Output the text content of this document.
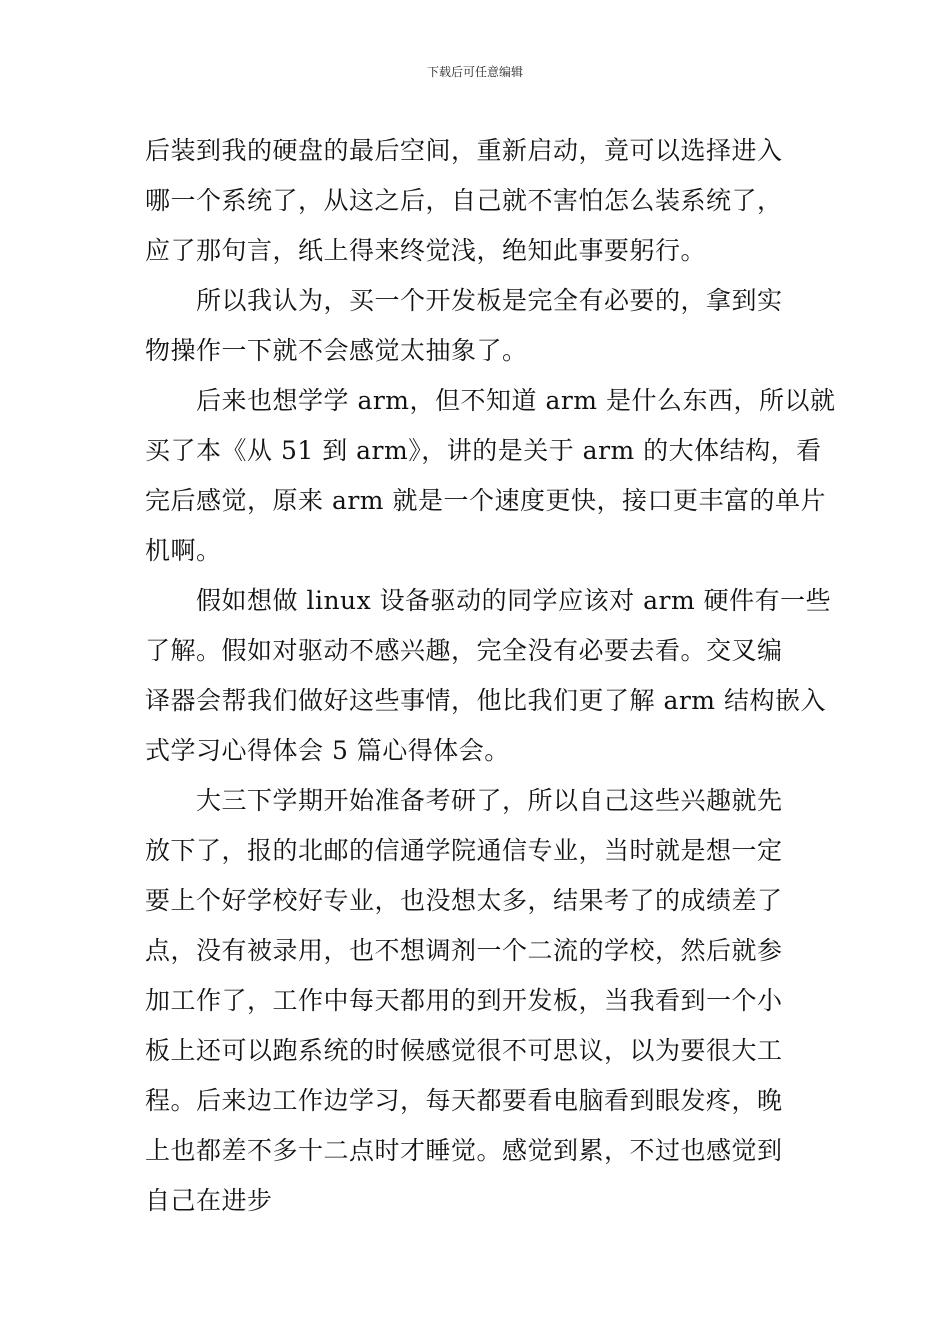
下载后可任意编辑
后装到我的硬盘的最后空间，重新启动，竟可以选择进入
哪一个系统了，从这之后，自己就不害怕怎么装系统了，
应了那句言，纸上得来终觉浅，绝知此事要躬行。
所以我认为，买一个开发板是完全有必要的，拿到实
物操作一下就不会感觉太抽象了。
后来也想学学 arm，但不知道 arm 是什么东西，所以就
买了本《从 51 到 arm》，讲的是关于 arm 的大体结构，看
完后感觉，原来 arm 就是一个速度更快，接口更丰富的单片
机啊。
假如想做 linux 设备驱动的同学应该对 arm 硬件有一些
了解。假如对驱动不感兴趣，完全没有必要去看。交叉编
译器会帮我们做好这些事情，他比我们更了解 arm 结构嵌入
式学习心得体会 5 篇心得体会。
大三下学期开始准备考研了，所以自己这些兴趣就先
放下了，报的北邮的信通学院通信专业，当时就是想一定
要上个好学校好专业，也没想太多，结果考了的成绩差了
点，没有被录用，也不想调剂一个二流的学校，然后就参
加工作了，工作中每天都用的到开发板，当我看到一个小
板上还可以跑系统的时候感觉很不可思议，以为要很大工
程。后来边工作边学习，每天都要看电脑看到眼发疼，晚
上也都差不多十二点时才睡觉。感觉到累，不过也感觉到
自己在进步
